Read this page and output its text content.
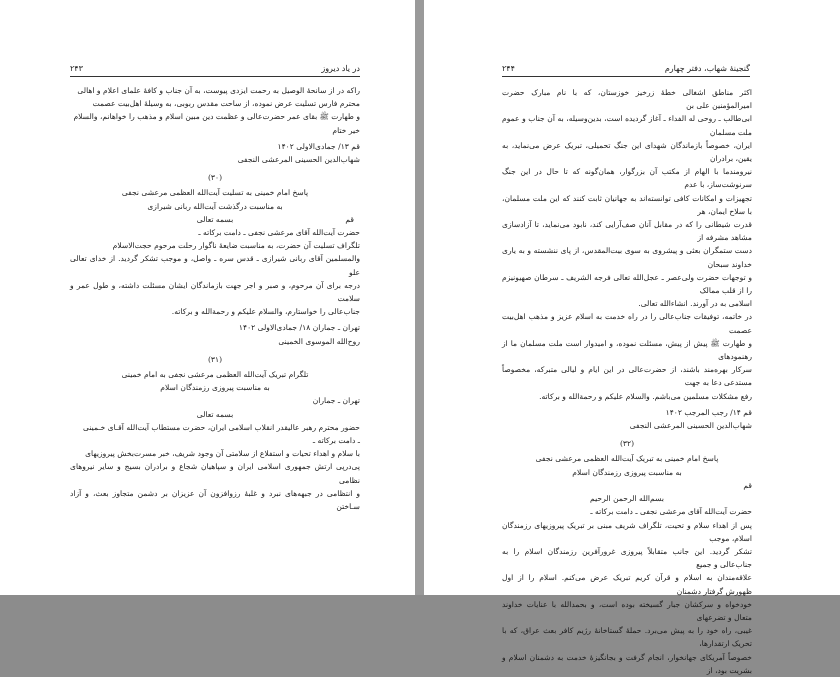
در یاد دیروز
۲۴۳

راکه در از سانحهٔ الوصیل به رحمت ایزدی پیوست، به آن جناب و کافهٔ علمای اعلام و اهالی

محترم فارس تسلیت عرض نموده، از ساحت مقدس ربوبی، به وسیلهٔ اهل‌بیت عصمت

و طهارت ﷺ بقای عمر حضرت‌عالی و عظمت دین مبین اسلام و مذهب را خواهانم، والسلام

خیر ختام

قم ۱۳/ جمادی‌الاولی ۱۴۰۲

شهاب‌الدین الحسینی المرعشی النجفی

(۳۰)

پاسخ امام خمینی به تسلیت آیت‌الله العظمی مرعشی نجفی

به مناسبت درگذشت آیت‌الله ربانی شیرازی

قم
بسمه تعالی

حضرت آیت‌الله آقای مرعشی نجفی ـ دامت برکاته ـ

تلگراف تسلیت آن حضرت، به مناسبت ضایعهٔ ناگوار رحلت مرحوم حجت‌الاسلام

والمسلمین آقای ربانی شیرازی ـ قدس سره ـ واصل، و موجب تشکر گردید. از خدای تعالی علو

درجه برای آن مرحوم، و صبر و اجر جهت بازماندگان ایشان مسئلت داشته، و طول عمر و سلامت

جناب‌عالی را خواستارم، والسلام علیکم و رحمةالله و برکاته.

تهران ـ جماران ۱۸/ جمادی‌الاولی ۱۴۰۲

روح‌الله الموسوی الخمینی

(۳۱)

تلگرام تبریک آیت‌الله العظمی مرعشی نجفی به امام خمینی

به مناسبت پیروزی رزمندگان اسلام

تهران ـ جماران

بسمه تعالی

حضور محترم رهبر عالیقدر انقلاب اسلامی ایران، حضرت مستطاب آیت‌الله آقـای خـمینی

ـ دامت برکاته ـ

با سلام و اهداء تحیات و استفلاع از سلامتی آن وجود شریف، خبر مسرت‌بخش پیروزیهای

پی‌درپی ارتش جمهوری اسلامی ایران و سپاهیان شجاع و برادران بسیج و سایر نیروهای نظامی

و انتظامی در جبهه‌های نبرد و غلبهٔ رزوافزون آن عزیزان بر دشمن متجاوز بعث، و آزاد سـاختن

گنجینهٔ شهاب، دفتر چهارم
۲۴۴

اکثر مناطق اشغالی خطهٔ زرخیز خوزستان، که با نام مبارک حضرت امیرالمؤمنین علی بن

ابی‌طالب ـ روحی له الفداء ـ آغاز گردیده است، بدین‌وسیله، به آن جناب و عموم ملت مسلمان

ایران، خصوصاً بازماندگان شهدای این جنگ تحمیلی، تبریک عرض می‌نماید، به یقین، برادران

نیرومندما با الهام از مکتب آن بزرگوار، همان‌گونه که تا حال در این جنگ سرنوشت‌ساز، با عدم

تجهیزات و امکانات کافی توانسته‌اند به جهانیان ثابت کنند که این ملت مسلمان، با سلاح ایمان، هر

قدرت شیطانی را که در مقابل آنان صف‌آرایی کند، نابود می‌نماید، تا آزادسازی مشاهد مشرفه از

دست ستمگران بعثی و پیشروی به سوی بیت‌المقدس، از پای ننشسته و به یاری خداوند سبحان

و توجهات حضرت ولی‌عصر ـ عجل‌الله تعالی فرجه الشریف ـ سرطان صهیونیزم را از قلب ممالک

اسلامی به در آورند. انشاءالله تعالی.

در خاتمه، توفیقات جناب‌عالی را در راه خدمت به اسلام عزیز و مذهب اهل‌بیت عصمت

و طهارت ﷺ پیش از پیش، مسئلت نموده، و امیدوار است ملت مسلمان ما از رهنمودهای

سرکار بهره‌مند باشند، از حضرت‌عالی در این ایام و لیالی متبرکه، مخصوصاً مستدعی دعا به جهت

رفع مشکلات مسلمین می‌باشم. والسلام علیکم و رحمةالله و برکاته.

قم ۱۴/ رجب المرجب ۱۴۰۲

شهاب‌الدین الحسینی المرعشی النجفی

(۳۲)

پاسخ امام خمینی به تبریک آیت‌الله العظمی مرعشی نجفی

به مناسبت پیروزی رزمندگان اسلام

قم

بسم‌الله الرحمن الرحیم

حضرت آیت‌الله آقای مرعشی نجفی ـ دامت برکاته ـ

پس از اهداء سلام و تحیت، تلگراف شریف مبنی بر تبریک پیروزیهای رزمندگان اسلام، موجب

تشکر گردید. این جانب متقابلاً پیروزی غرورآفرین رزمندگان اسلام را به جناب‌عالی و جمیع

علاقه‌مندان به اسلام و قرآن کریم تبریک عرض می‌کنم. اسلام را از اول ظهورش گرفتار دشمنان

خودخواه و سرکشان جبار گسیخته بوده است، و بحمدالله با عنایات خداوند متعال و تضرعهای

غیبی، راه خود را به پیش می‌برد. حملهٔ گستاخانهٔ رژیم کافر بعث عراق، که با تحریک ارتقدارها،

خصوصاً آمریکای جهانخوار، انجام گرفت و بجانگیزهٔ خدمت به دشمنان اسلام و بشریت بود، از
